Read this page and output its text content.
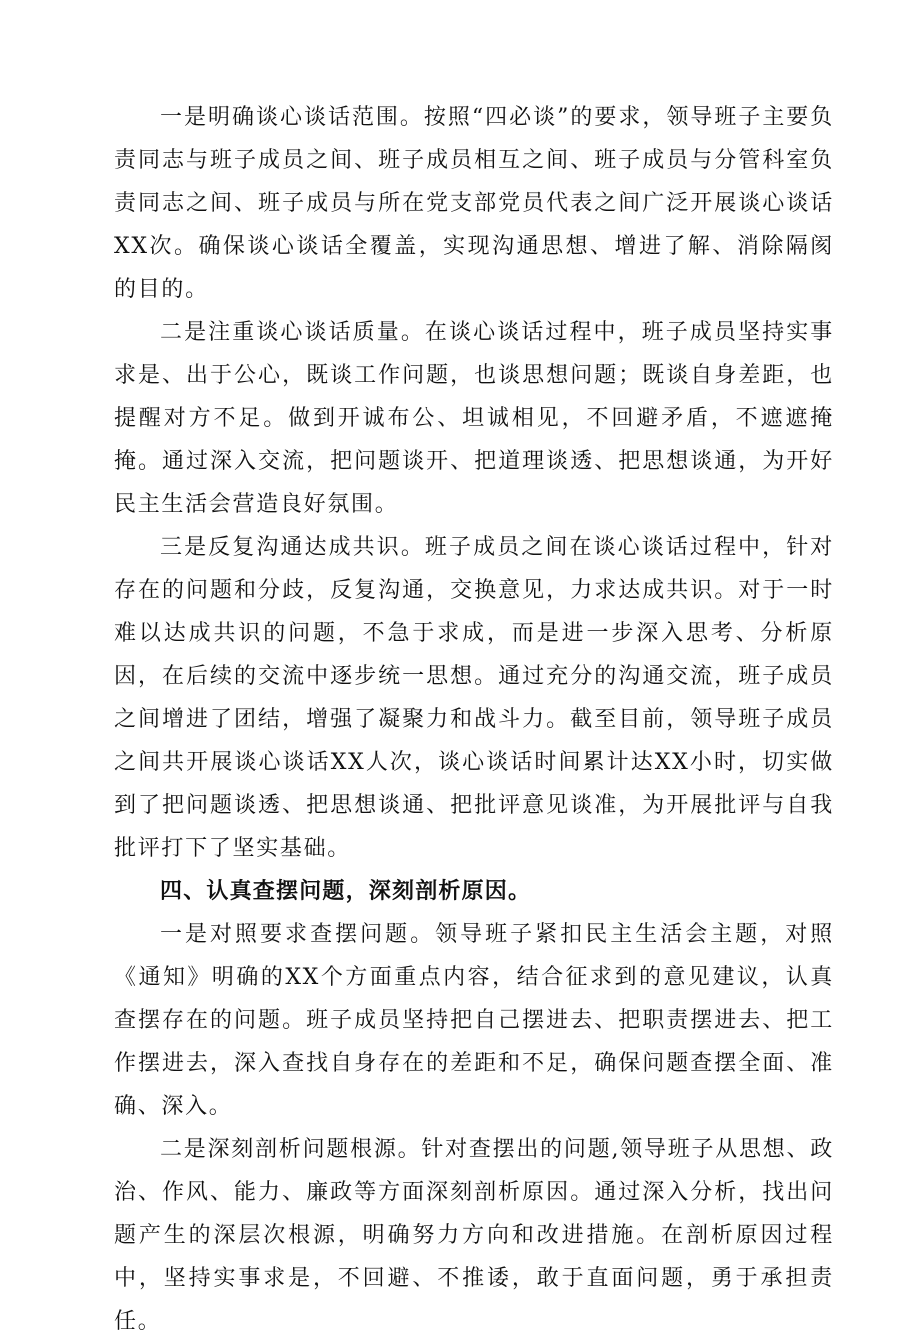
一是明确谈心谈话范围。按照“四必谈”的要求，领导班子主要负责同志与班子成员之间、班子成员相互之间、班子成员与分管科室负责同志之间、班子成员与所在党支部党员代表之间广泛开展谈心谈话XX次。确保谈心谈话全覆盖，实现沟通思想、增进了解、消除隔阂的目的。

二是注重谈心谈话质量。在谈心谈话过程中，班子成员坚持实事求是、出于公心，既谈工作问题，也谈思想问题；既谈自身差距，也提醒对方不足。做到开诚布公、坦诚相见，不回避矛盾，不遮遮掩掩。通过深入交流，把问题谈开、把道理谈透、把思想谈通，为开好民主生活会营造良好氛围。

三是反复沟通达成共识。班子成员之间在谈心谈话过程中，针对存在的问题和分歧，反复沟通，交换意见，力求达成共识。对于一时难以达成共识的问题，不急于求成，而是进一步深入思考、分析原因，在后续的交流中逐步统一思想。通过充分的沟通交流，班子成员之间增进了团结，增强了凝聚力和战斗力。截至目前，领导班子成员之间共开展谈心谈话XX人次，谈心谈话时间累计达XX小时，切实做到了把问题谈透、把思想谈通、把批评意见谈准，为开展批评与自我批评打下了坚实基础。

四、认真查摆问题，深刻剖析原因。

一是对照要求查摆问题。领导班子紧扣民主生活会主题，对照《通知》明确的XX个方面重点内容，结合征求到的意见建议，认真查摆存在的问题。班子成员坚持把自己摆进去、把职责摆进去、把工作摆进去，深入查找自身存在的差距和不足，确保问题查摆全面、准确、深入。

二是深刻剖析问题根源。针对查摆出的问题,领导班子从思想、政治、作风、能力、廉政等方面深刻剖析原因。通过深入分析，找出问题产生的深层次根源，明确努力方向和改进措施。在剖析原因过程中，坚持实事求是，不回避、不推诿，敢于直面问题，勇于承担责任。
